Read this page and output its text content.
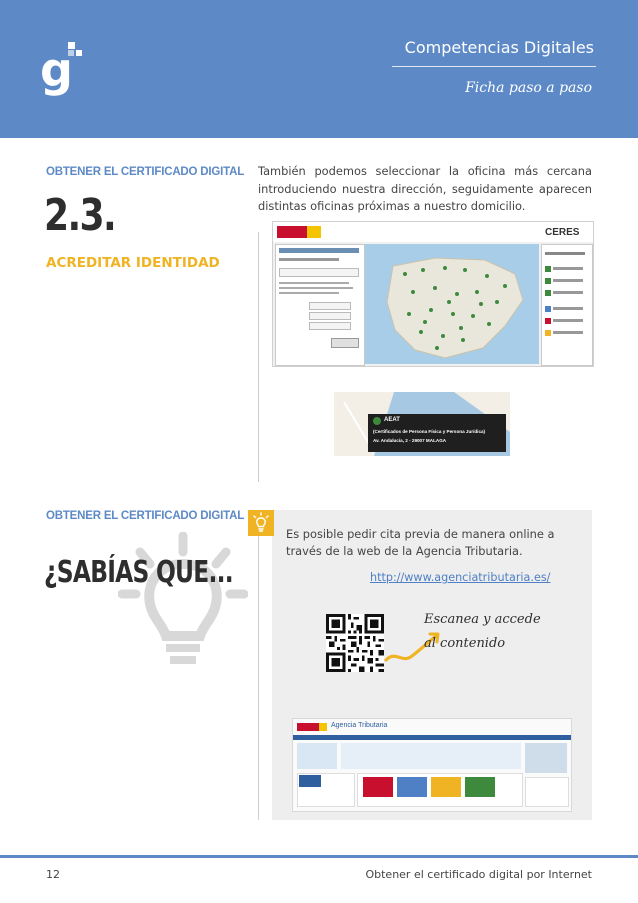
g	Competencias Digitales
Ficha paso a paso
OBTENER EL CERTIFICADO DIGITAL
2.3.
ACREDITAR IDENTIDAD
También podemos seleccionar la oficina más cercana introduciendo nuestra dirección, seguidamente aparecen distintas oficinas próximas a nuestro domicilio.
CERES
AEAT
(Certificados de Persona Física y Persona Jurídica)
Av. Andalucía, 2 - 29007 MALAGA
OBTENER EL CERTIFICADO DIGITAL
¿SABÍAS QUE...
Es posible pedir cita previa de manera online a través de la web de la Agencia Tributaria.
http://www.agenciatributaria.es/
Escanea y accede
al contenido
Agencia Tributaria
12	Obtener el certificado digital por Internet
